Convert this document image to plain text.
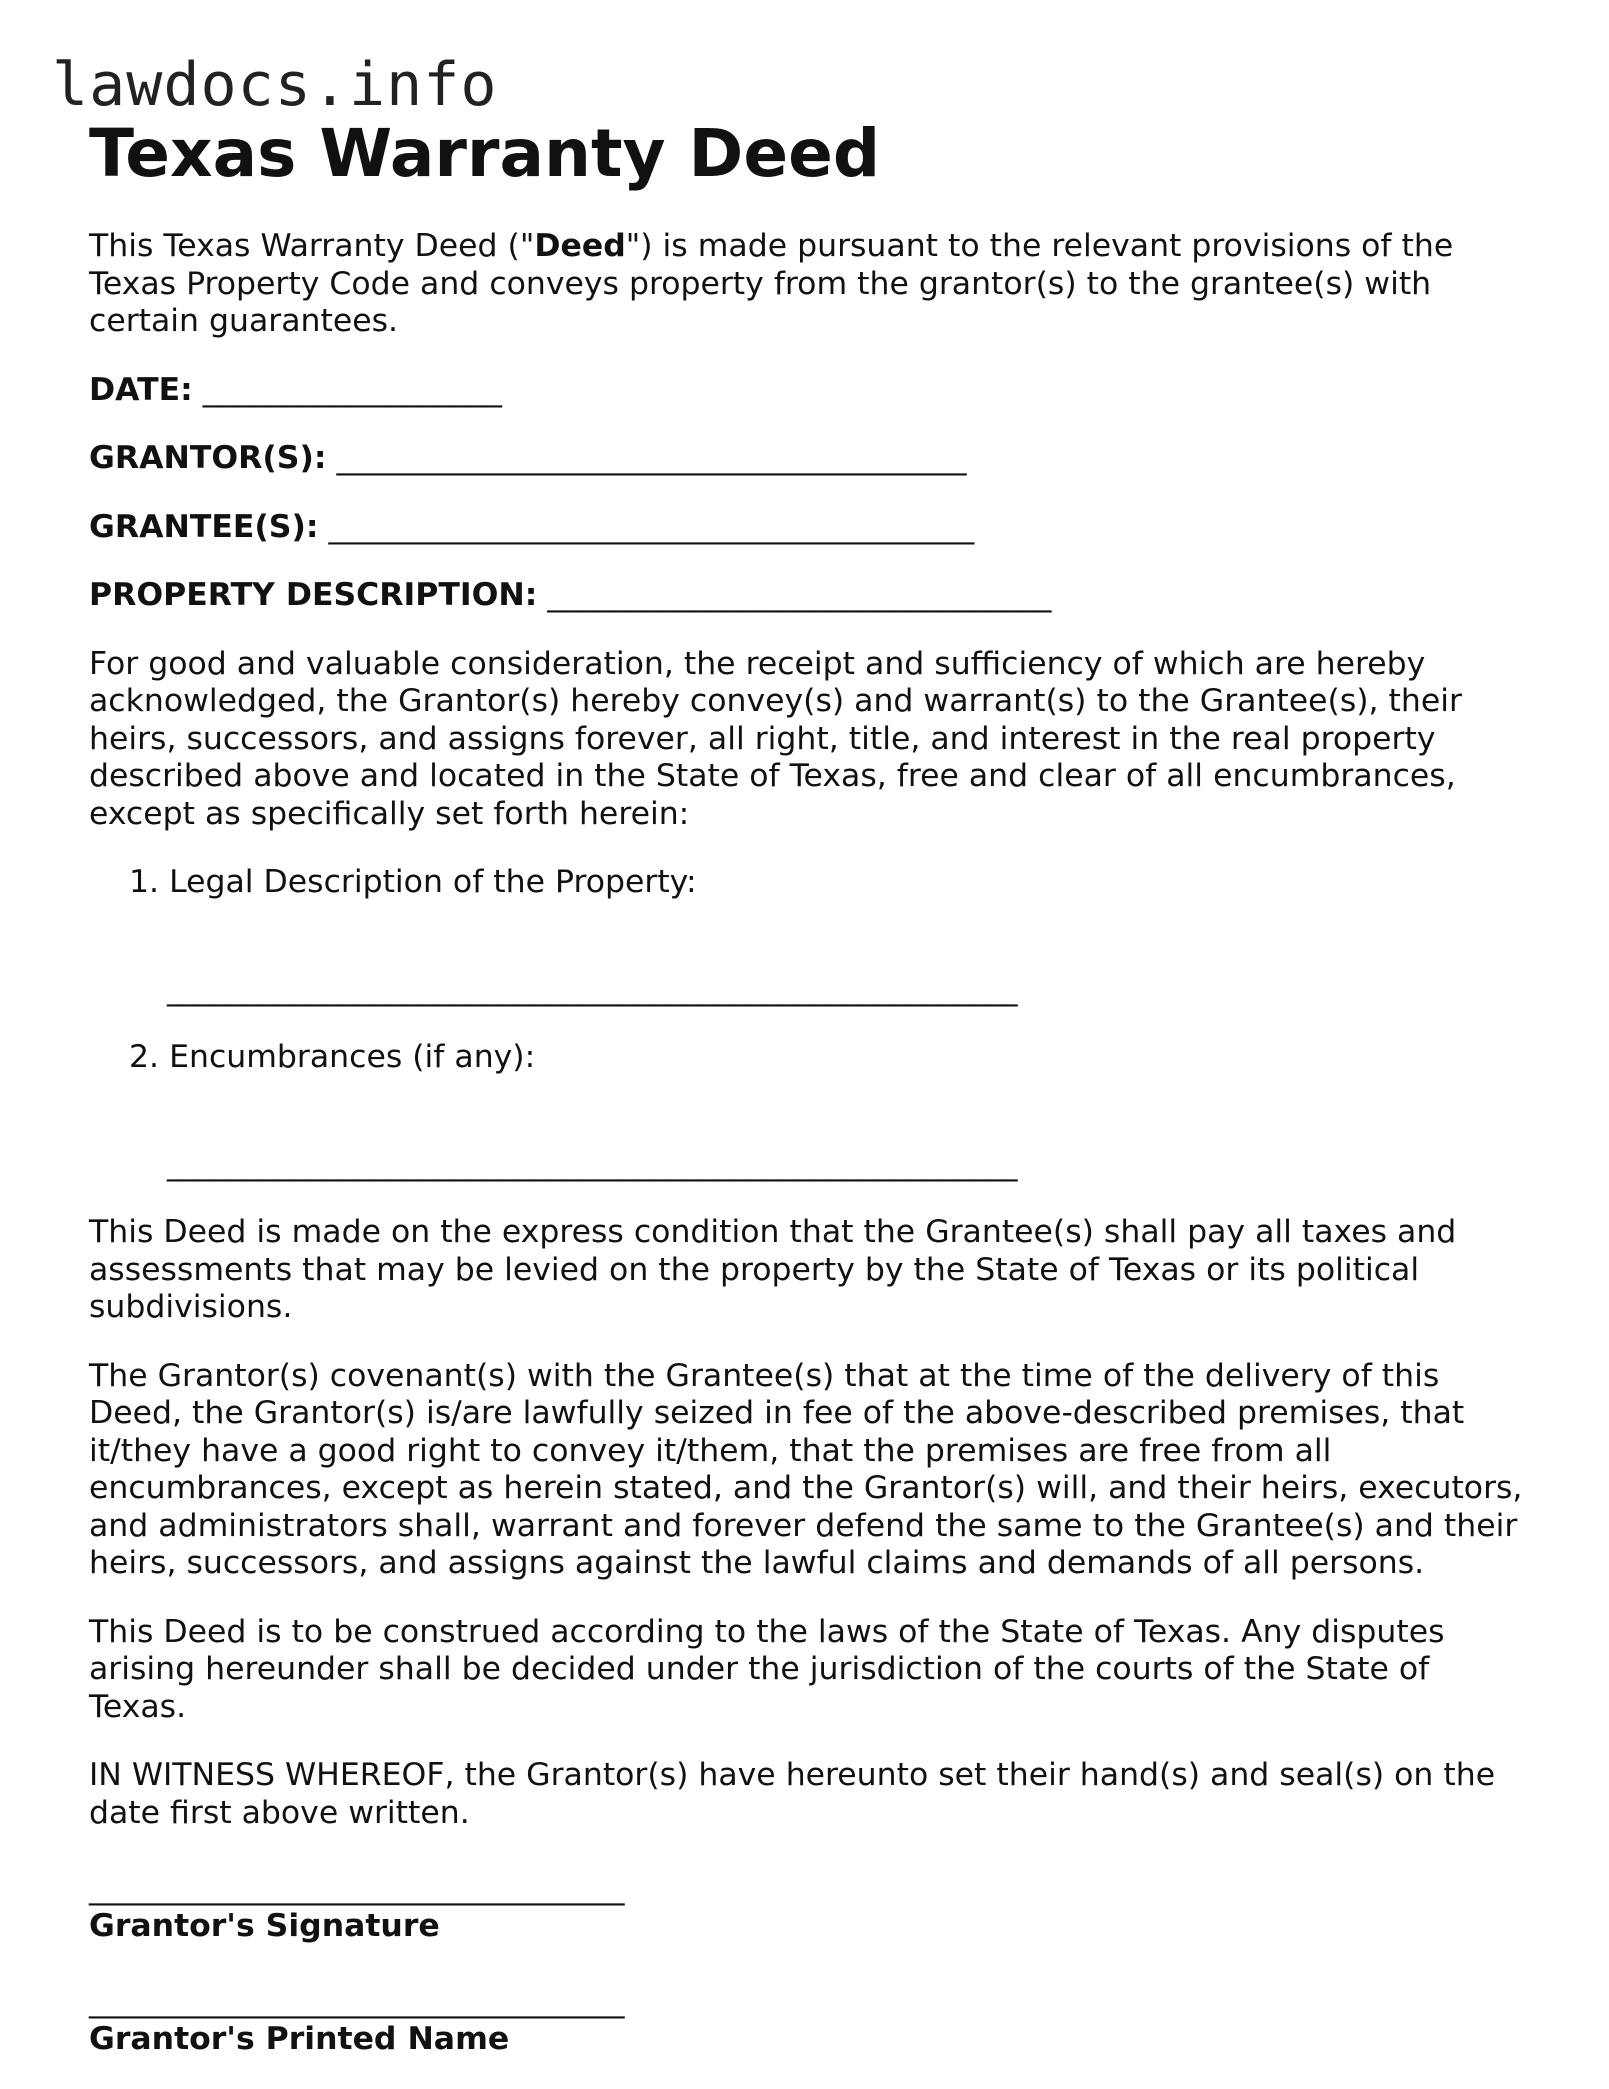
lawdocs.info
Texas Warranty Deed

This Texas Warranty Deed ("Deed") is made pursuant to the relevant provisions of the Texas Property Code and conveys property from the grantor(s) to the grantee(s) with certain guarantees.

DATE: ___________________
GRANTOR(S): ________________________________________
GRANTEE(S): _________________________________________
PROPERTY DESCRIPTION: ________________________________

For good and valuable consideration, the receipt and sufficiency of which are hereby acknowledged, the Grantor(s) hereby convey(s) and warrant(s) to the Grantee(s), their heirs, successors, and assigns forever, all right, title, and interest in the real property described above and located in the State of Texas, free and clear of all encumbrances, except as specifically set forth herein:

1. Legal Description of the Property:
______________________________________________________
2. Encumbrances (if any):
______________________________________________________

This Deed is made on the express condition that the Grantee(s) shall pay all taxes and assessments that may be levied on the property by the State of Texas or its political subdivisions.

The Grantor(s) covenant(s) with the Grantee(s) that at the time of the delivery of this Deed, the Grantor(s) is/are lawfully seized in fee of the above-described premises, that it/they have a good right to convey it/them, that the premises are free from all encumbrances, except as herein stated, and the Grantor(s) will, and their heirs, executors, and administrators shall, warrant and forever defend the same to the Grantee(s) and their heirs, successors, and assigns against the lawful claims and demands of all persons.

This Deed is to be construed according to the laws of the State of Texas. Any disputes arising hereunder shall be decided under the jurisdiction of the courts of the State of Texas.

IN WITNESS WHEREOF, the Grantor(s) have hereunto set their hand(s) and seal(s) on the date first above written.

__________________________________
Grantor's Signature
__________________________________
Grantor's Printed Name
